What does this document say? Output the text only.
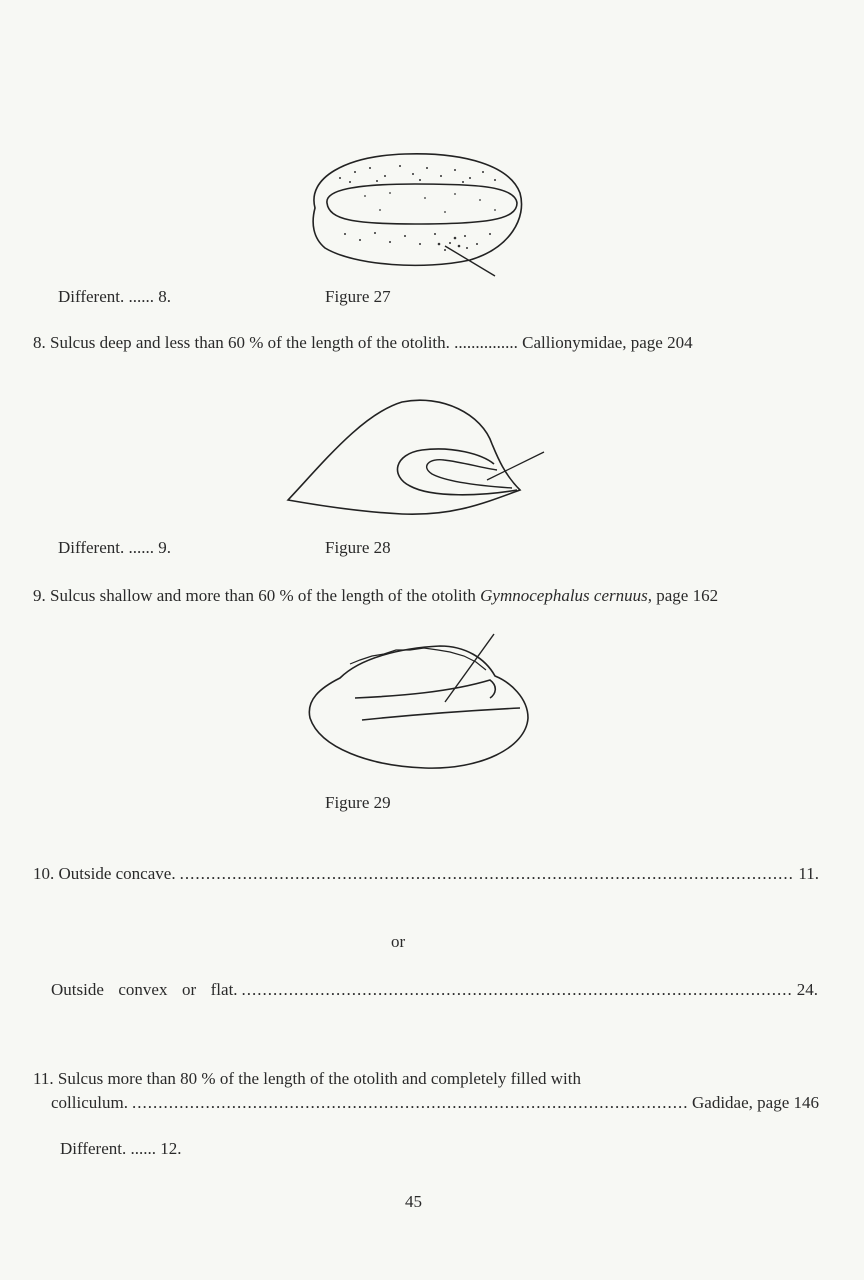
Different. ...... 8.	Figure 27
8. Sulcus deep and less than 60 % of the length of the otolith. ............... Callionymidae, page 204
Different. ...... 9.	Figure 28
9. Sulcus shallow and more than 60 % of the length of the otolith Gymnocephalus cernuus, page 162
Figure 29
10. Outside concave. .....	11.
or
Outside  convex  or  flat. .....	24.
11. Sulcus more than 80 % of the length of the otolith and completely filled with
colliculum. .....	Gadidae, page 146
Different. ...... 12.
45
